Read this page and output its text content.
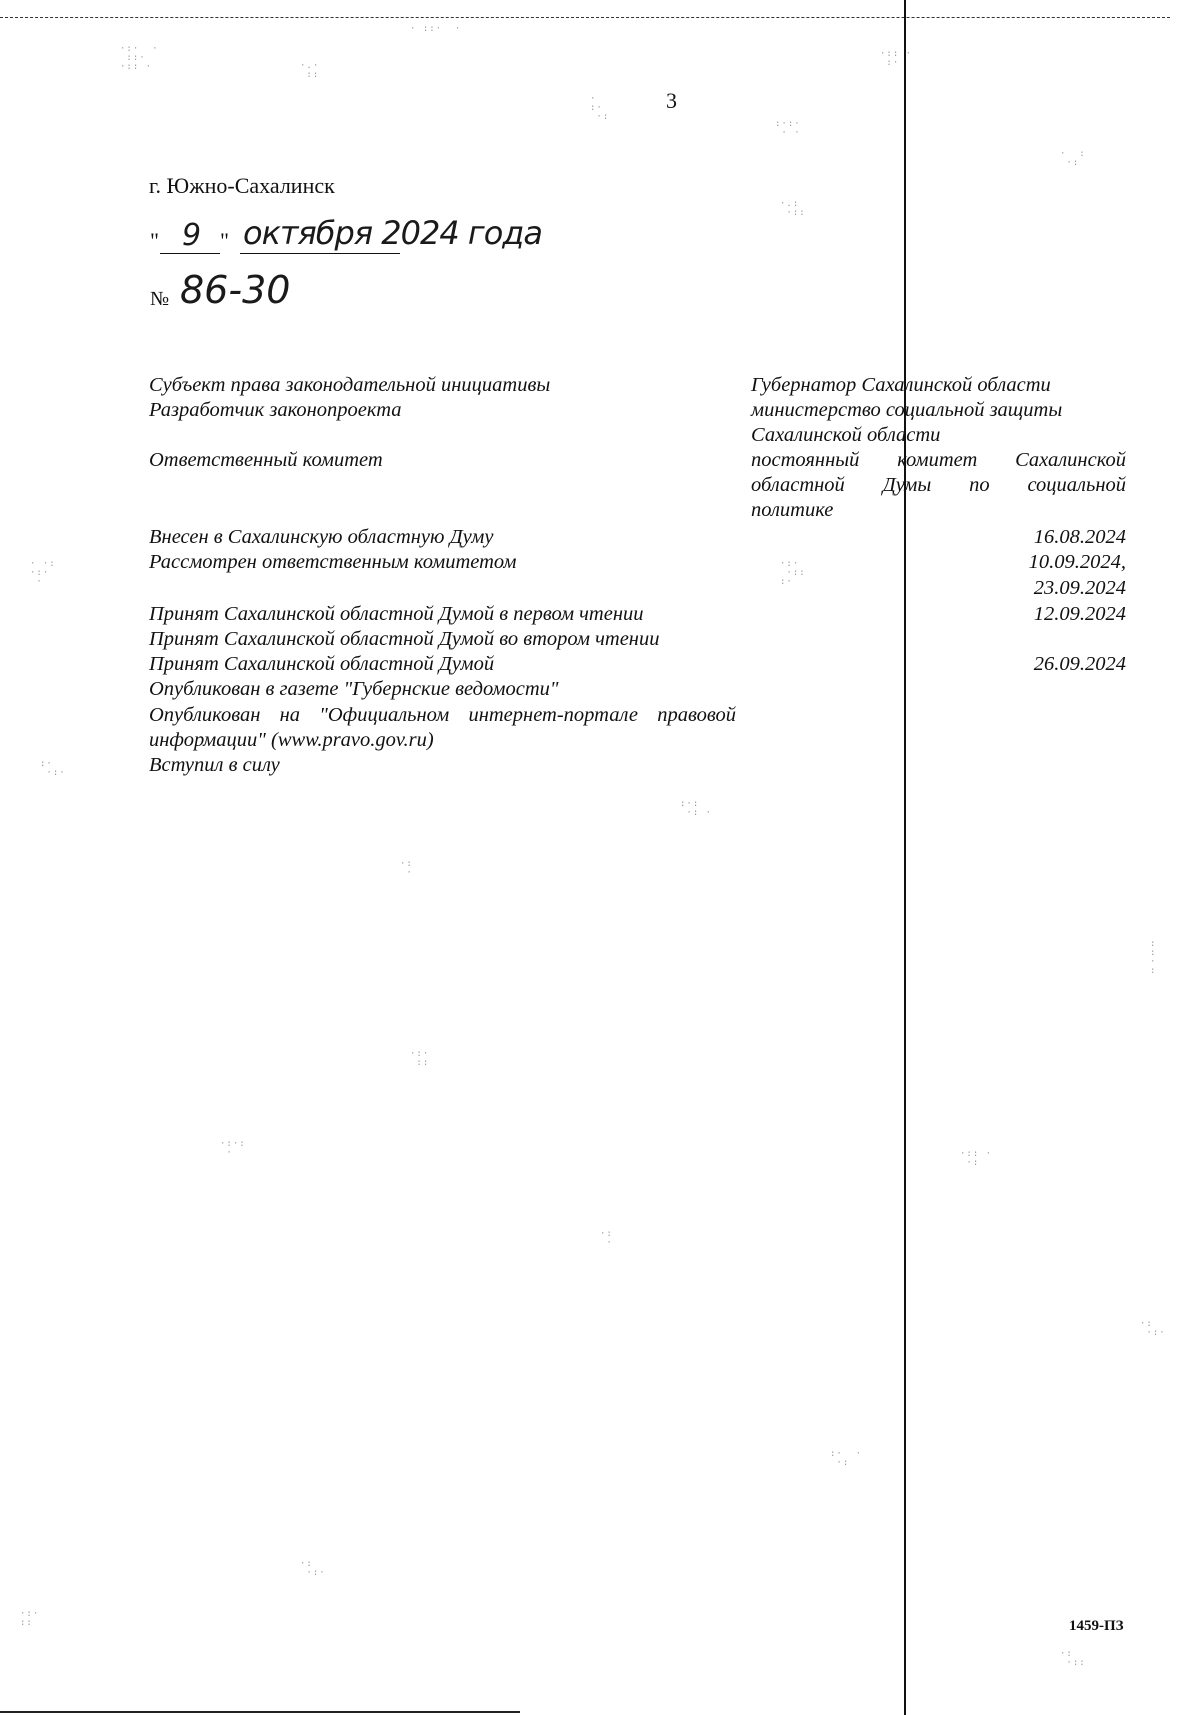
·:·  ·
::·
·:: ·	·.·
::
· ::·  ·
·
:·
·:
:·:·
· ·
·:: ·
:·
·  :
·:
·.:
·::
· ·:
·:·
·
:·
·:·
·:·
·::
:·
:·:
·: ·
·:
·
·:·
::
·:·:
·	·:: ·
·:
:
:
·
:
·:
·
·:
·:·
:·  ·
·:
·:
·:·
·:·
::
·:
·::
3
г. Южно-Сахалинск
" 9 " октября 2024 года
№ 86-30
Субъект права законодательной инициативы
Разработчик законопроекта
Ответственный комитет
Внесен в Сахалинскую областную Думу
Рассмотрен ответственным комитетом
Принят Сахалинской областной Думой в первом чтении
Принят Сахалинской областной Думой во втором чтении
Принят Сахалинской областной Думой
Опубликован в газете "Губернские ведомости"
Опубликован на "Официальном интернет-портале правовой
информации" (www.pravo.gov.ru)
Вступил в силу
Губернатор Сахалинской области
министерство социальной защиты
Сахалинской области
постоянный комитет Сахалинской
областной Думы по социальной
политике
16.08.2024
10.09.2024,
23.09.2024
12.09.2024
26.09.2024
1459-ПЗ
